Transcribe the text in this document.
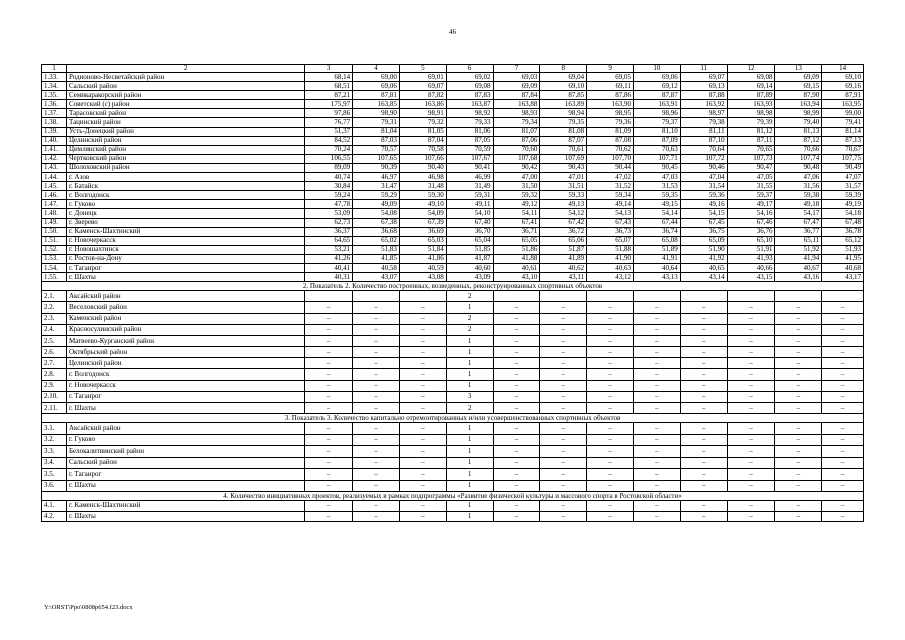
46
1	2	3	4	5	6	7	8	9	10	11	12	13	14
1.33.	Родионово-Несветайский район	68,14	69,00	69,01	69,02	69,03	69,04	69,05	69,06	69,07	69,08	69,09	69,10
1.34.	Сальский район	68,51	69,06	69,07	69,08	69,09	69,10	69,11	69,12	69,13	69,14	69,15	69,16
1.35.	Семикаракорский район	87,21	87,81	87,82	87,83	87,84	87,85	87,86	87,87	87,88	87,89	87,90	87,91
1.36.	Советский (с) район	175,97	163,85	163,86	163,87	163,88	163,89	163,90	163,91	163,92	163,93	163,94	163,95
1.37.	Тарасовский район	97,86	98,90	98,91	98,92	98,93	98,94	98,95	98,96	98,97	98,98	98,99	99,00
1.38.	Тацинский район	76,77	79,31	79,32	79,33	79,34	79,35	79,36	79,37	79,38	79,39	79,40	79,41
1.39.	Усть-Донецкий район	51,37	81,04	81,05	81,06	81,07	81,08	81,09	81,10	81,11	81,12	81,13	81,14
1.40.	Целинский район	84,52	87,03	87,04	87,05	87,06	87,07	87,08	87,09	87,10	87,11	87,12	87,13
1.41.	Цимлянский район	70,24	70,57	70,58	70,59	70,60	70,61	70,62	70,63	70,64	70,65	70,66	70,67
1.42.	Чертковский район	106,55	107,65	107,66	107,67	107,68	107,69	107,70	107,71	107,72	107,73	107,74	107,75
1.43.	Шолоховский район	89,09	90,39	90,40	90,41	90,42	90,43	90,44	90,45	90,46	90,47	90,48	90,49
1.44.	г. Азов	40,74	46,97	46,98	46,99	47,00	47,01	47,02	47,03	47,04	47,05	47,06	47,07
1.45.	г. Батайск	30,84	31,47	31,48	31,49	31,50	31,51	31,52	31,53	31,54	31,55	31,56	31,57
1.46.	г. Волгодонск	59,24	59,29	59,30	59,31	59,32	59,33	59,34	59,35	59,36	59,37	59,38	59,39
1.47.	г. Гуково	47,78	49,09	49,10	49,11	49,12	49,13	49,14	49,15	49,16	49,17	49,18	49,19
1.48.	г. Донецк	53,09	54,08	54,09	54,10	54,11	54,12	54,13	54,14	54,15	54,16	54,17	54,18
1.49.	г. Зверево	62,73	67,38	67,39	67,40	67,41	67,42	67,43	67,44	67,45	67,46	67,47	67,48
1.50.	г. Каменск-Шахтинский	36,37	36,68	36,69	36,70	36,71	36,72	36,73	36,74	36,75	36,76	36,77	36,78
1.51.	г. Новочеркасск	64,65	65,02	65,03	65,04	65,05	65,06	65,07	65,08	65,09	65,10	65,11	65,12
1.52.	г. Новошахтинск	53,21	51,83	51,84	51,85	51,86	51,87	51,88	51,89	51,90	51,91	51,92	51,93
1.53.	г. Ростов-на-Дону	41,26	41,85	41,86	41,87	41,88	41,89	41,90	41,91	41,92	41,93	41,94	41,95
1.54.	г. Таганрог	40,41	40,58	40,59	40,60	40,61	40,62	40,63	40,64	40,65	40,66	40,67	40,68
1.55.	г. Шахты	40,31	43,07	43,08	43,09	43,10	43,11	43,12	43,13	43,14	43,15	43,16	43,17
2. Показатель 2. Количество построенных, возведенных, реконструированных спортивных объектов													
2.1.	Аксайский район				2								
2.2.	Веселовский район	–	–	–	1	–	–	–	–	–	–	–	–
2.3.	Каменский район	–	–	–	2	–	–	–	–	–	–	–	–
2.4.	Красносулинский район	–	–	–	2	–	–	–	–	–	–	–	–
2.5.	Матвеево-Курганский район	–	–	–	1	–	–	–	–	–	–	–	–
2.6.	Октябрьский район	–	–	–	1	–	–	–	–	–	–	–	–
2.7.	Целинский район	–	–	–	1	–	–	–	–	–	–	–	–
2.8.	г. Волгодонск	–	–	–	1	–	–	–	–	–	–	–	–
2.9.	г. Новочеркасск	–	–	–	1	–	–	–	–	–	–	–	–
2.10.	г. Таганрог	–	–	–	3	–	–	–	–	–	–	–	–
2.11.	г. Шахты	–	–	–	2	–	–	–	–	–	–	–	–
3. Показатель 3. Количество капитально отремонтированных и/или усовершенствованных спортивных объектов													
3.1.	Аксайский район	–	–	–	1	–	–	–	–	–	–	–	–
3.2.	г. Гуково	–	–	–	1	–	–	–	–	–	–	–	–
3.3.	Белокалитвинский район	–	–	–	1	–	–	–	–	–	–	–	–
3.4.	Сальский район	–	–	–	1	–	–	–	–	–	–	–	–
3.5.	г. Таганрог	–	–	–	1	–	–	–	–	–	–	–	–
3.6.	г. Шахты	–	–	–	1	–	–	–	–	–	–	–	–
4. Количество инициативных проектов, реализуемых в рамках подпрограммы «Развитие физической культуры и массового спорта в Ростовской области»													
4.1.	г. Каменск-Шахтинский	–	–	–	1	–	–	–	–	–	–	–	–
4.2.	г. Шахты	–	–	–	1	–	–	–	–	–	–	–	–
Y:\ORST\Ppo\0808p654.f23.docx
